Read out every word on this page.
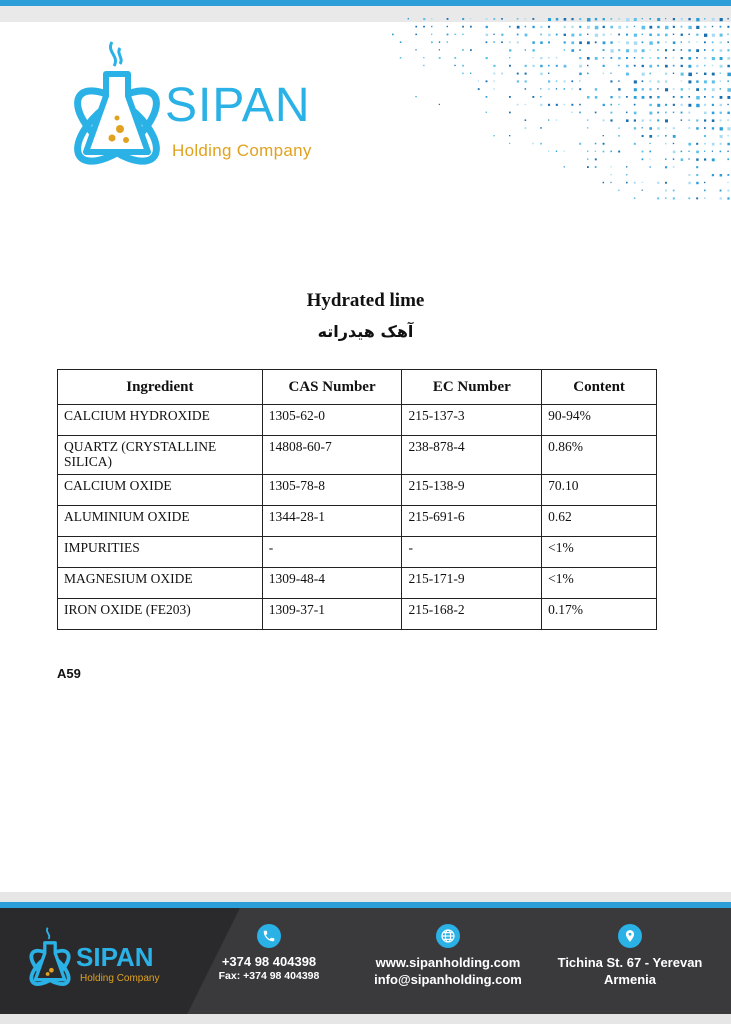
SIPAN
Holding Company
Hydrated lime
آهک هیدراته
Ingredient	CAS Number	EC Number	Content
CALCIUM HYDROXIDE	1305-62-0	215-137-3	90-94%
QUARTZ (CRYSTALLINE SILICA)	14808-60-7	238-878-4	0.86%
CALCIUM OXIDE	1305-78-8	215-138-9	70.10
ALUMINIUM OXIDE	1344-28-1	215-691-6	0.62
IMPURITIES	-	-	<1%
MAGNESIUM OXIDE	1309-48-4	215-171-9	<1%
IRON OXIDE (FE203)	1309-37-1	215-168-2	0.17%
A59
SIPAN
Holding Company
+374 98 404398
Fax: +374 98 404398
www.sipanholding.com
info@sipanholding.com
Tichina St. 67 - Yerevan
Armenia
